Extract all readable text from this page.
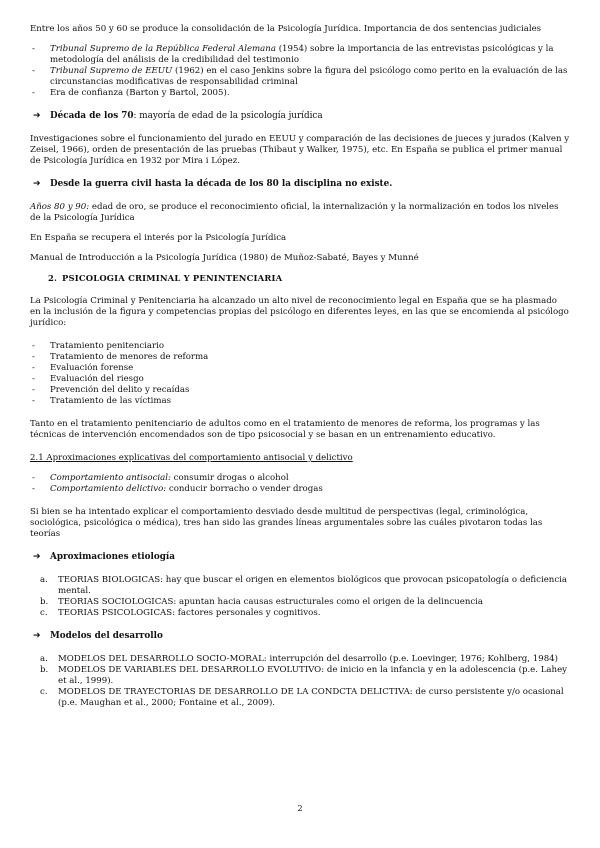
Entre los años 50 y 60 se produce la consolidación de la Psicología Jurídica. Importancia de dos sentencias judiciales

- Tribunal Supremo de la República Federal Alemana (1954) sobre la importancia de las entrevistas psicológicas y la metodología del análisis de la credibilidad del testimonio
- Tribunal Supremo de EEUU (1962) en el caso Jenkins sobre la figura del psicólogo como perito en la evaluación de las circunstancias modificativas de responsabilidad criminal
- Era de confianza (Barton y Bartol, 2005).

➔ Década de los 70: mayoría de edad de la psicología jurídica

Investigaciones sobre el funcionamiento del jurado en EEUU y comparación de las decisiones de jueces y jurados (Kalven y Zeisel, 1966), orden de presentación de las pruebas (Thibaut y Walker, 1975), etc. En España se publica el primer manual de Psicología Jurídica en 1932 por Mira i López.

➔ Desde la guerra civil hasta la década de los 80 la disciplina no existe.

Años 80 y 90: edad de oro, se produce el reconocimiento oficial, la internalización y la normalización en todos los niveles de la Psicología Jurídica

En España se recupera el interés por la Psicología Jurídica

Manual de Introducción a la Psicología Jurídica (1980) de Muñoz-Sabaté, Bayes y Munné

2. PSICOLOGIA CRIMINAL Y PENINTENCIARIA

La Psicología Criminal y Penitenciaria ha alcanzado un alto nivel de reconocimiento legal en España que se ha plasmado en la inclusión de la figura y competencias propias del psicólogo en diferentes leyes, en las que se encomienda al psicólogo jurídico:

- Tratamiento penitenciario
- Tratamiento de menores de reforma
- Evaluación forense
- Evaluación del riesgo
- Prevención del delito y recaídas
- Tratamiento de las víctimas

Tanto en el tratamiento penitenciario de adultos como en el tratamiento de menores de reforma, los programas y las técnicas de intervención encomendados son de tipo psicosocial y se basan en un entrenamiento educativo.

2.1 Aproximaciones explicativas del comportamiento antisocial y delictivo

- Comportamiento antisocial: consumir drogas o alcohol
- Comportamiento delictivo: conducir borracho o vender drogas

Si bien se ha intentado explicar el comportamiento desviado desde multitud de perspectivas (legal, criminológica, sociológica, psicológica o médica), tres han sido las grandes líneas argumentales sobre las cuáles pivotaron todas las teorías

➔ Aproximaciones etiología

a. TEORIAS BIOLOGICAS: hay que buscar el origen en elementos biológicos que provocan psicopatología o deficiencia mental.
b. TEORIAS SOCIOLOGICAS: apuntan hacia causas estructurales como el origen de la delincuencia
c. TEORIAS PSICOLOGICAS: factores personales y cognitivos.

➔ Modelos del desarrollo

a. MODELOS DEL DESARROLLO SOCIO-MORAL: interrupción del desarrollo (p.e. Loevinger, 1976; Kohlberg, 1984)
b. MODELOS DE VARIABLES DEL DESARROLLO EVOLUTIVO: de inicio en la infancia y en la adolescencia (p.e. Lahey et al., 1999).
c. MODELOS DE TRAYECTORIAS DE DESARROLLO DE LA CONDCTA DELICTIVA: de curso persistente y/o ocasional (p.e. Maughan et al., 2000; Fontaine et al., 2009).
2
